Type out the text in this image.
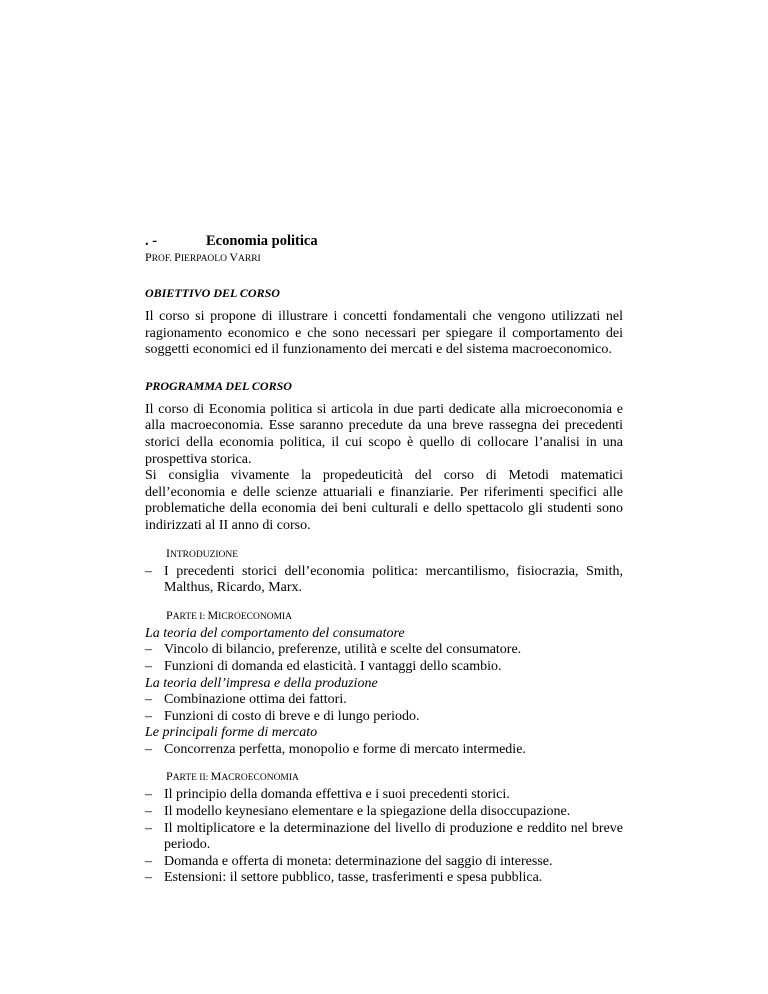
. -	Economia politica
PROF. PIERPAOLO VARRI
OBIETTIVO DEL CORSO

Il corso si propone di illustrare i concetti fondamentali che vengono utilizzati nel ragionamento economico e che sono necessari per spiegare il comportamento dei soggetti economici ed il funzionamento dei mercati e del sistema macroeconomico.

PROGRAMMA DEL CORSO

Il corso di Economia politica si articola in due parti dedicate alla microeconomia e alla macroeconomia. Esse saranno precedute da una breve rassegna dei precedenti storici della economia politica, il cui scopo è quello di collocare l’analisi in una prospettiva storica.

Si consiglia vivamente la propedeuticità del corso di Metodi matematici dell’economia e delle scienze attuariali e finanziarie. Per riferimenti specifici alle problematiche della economia dei beni culturali e dello spettacolo gli studenti sono indirizzati al II anno di corso.

INTRODUZIONE
– I precedenti storici dell’economia politica: mercantilismo, fisiocrazia, Smith, Malthus, Ricardo, Marx.
PARTE I: MICROECONOMIA
La teoria del comportamento del consumatore
– Vincolo di bilancio, preferenze, utilità e scelte del consumatore.
– Funzioni di domanda ed elasticità. I vantaggi dello scambio.
La teoria dell’impresa e della produzione
– Combinazione ottima dei fattori.
– Funzioni di costo di breve e di lungo periodo.
Le principali forme di mercato
– Concorrenza perfetta, monopolio e forme di mercato intermedie.
PARTE II: MACROECONOMIA
– Il principio della domanda effettiva e i suoi precedenti storici.
– Il modello keynesiano elementare e la spiegazione della disoccupazione.
– Il moltiplicatore e la determinazione del livello di produzione e reddito nel breve periodo.
– Domanda e offerta di moneta: determinazione del saggio di interesse.
– Estensioni: il settore pubblico, tasse, trasferimenti e spesa pubblica.
